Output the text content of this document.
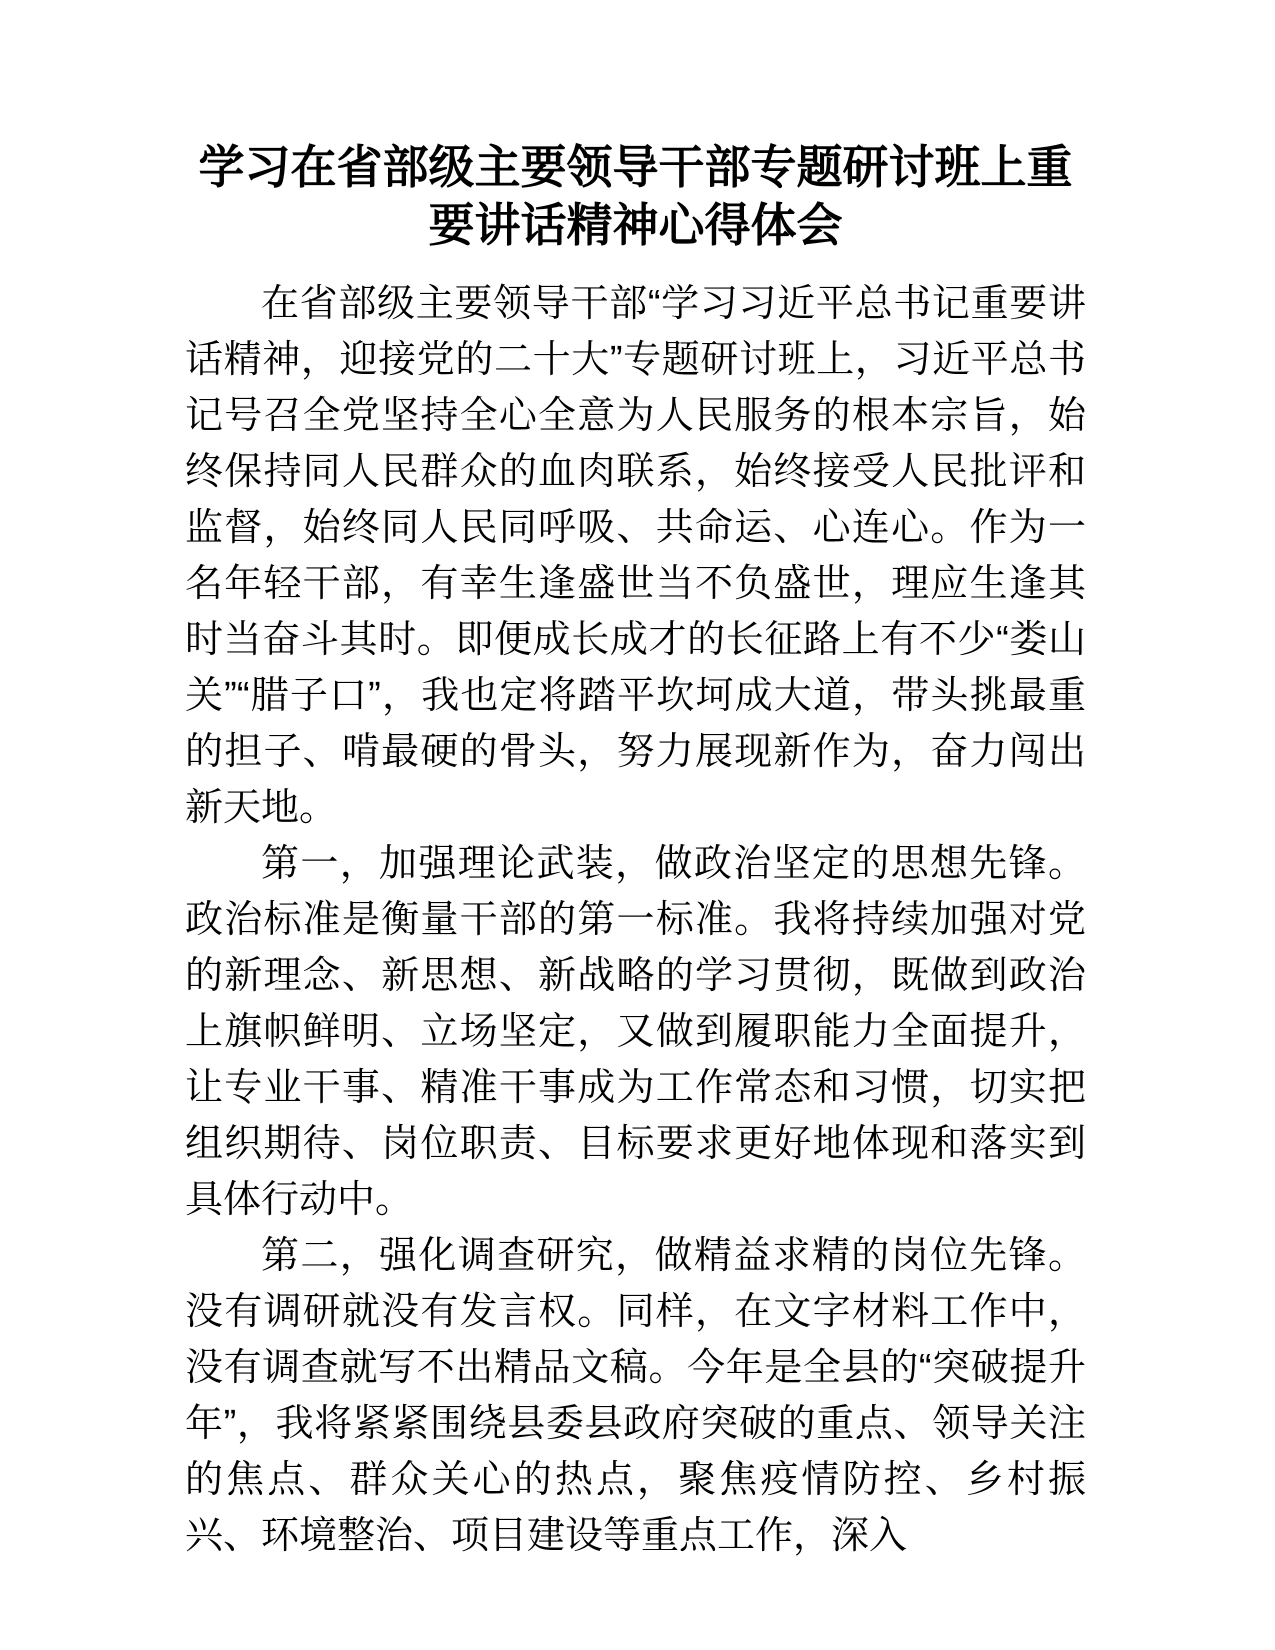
学习在省部级主要领导干部专题研讨班上重要讲话精神心得体会

在省部级主要领导干部“学习习近平总书记重要讲话精神，迎接党的二十大”专题研讨班上，习近平总书记号召全党坚持全心全意为人民服务的根本宗旨，始终保持同人民群众的血肉联系，始终接受人民批评和监督，始终同人民同呼吸、共命运、心连心。作为一名年轻干部，有幸生逢盛世当不负盛世，理应生逢其时当奋斗其时。即便成长成才的长征路上有不少“娄山关”“腊子口”，我也定将踏平坎坷成大道，带头挑最重的担子、啃最硬的骨头，努力展现新作为，奋力闯出新天地。

第一，加强理论武装，做政治坚定的思想先锋。政治标准是衡量干部的第一标准。我将持续加强对党的新理念、新思想、新战略的学习贯彻，既做到政治上旗帜鲜明、立场坚定，又做到履职能力全面提升，让专业干事、精准干事成为工作常态和习惯，切实把组织期待、岗位职责、目标要求更好地体现和落实到具体行动中。

第二，强化调查研究，做精益求精的岗位先锋。没有调研就没有发言权。同样，在文字材料工作中，没有调查就写不出精品文稿。今年是全县的“突破提升年”，我将紧紧围绕县委县政府突破的重点、领导关注的焦点、群众关心的热点，聚焦疫情防控、乡村振兴、环境整治、项目建设等重点工作，深入
